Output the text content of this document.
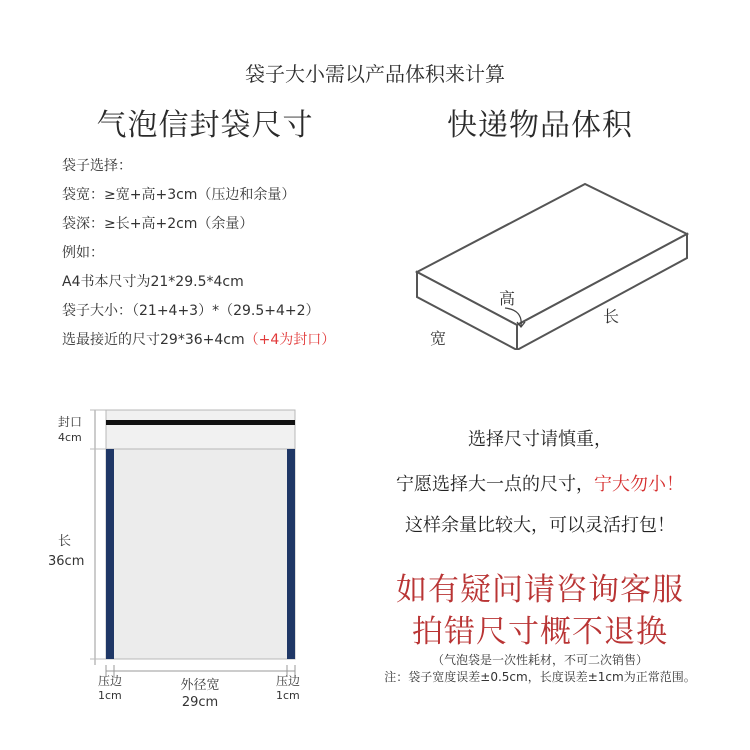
袋子大小需以产品体积来计算
气泡信封袋尺寸	快递物品体积
袋子选择：
袋宽：≥宽+高+3cm（压边和余量）
袋深：≥长+高+2cm（余量）
例如：
A4书本尺寸为21*29.5*4cm
袋子大小：（21+4+3）*（29.5+4+2）
选最接近的尺寸29*36+4cm（+4为封口）
高
长
宽
封口
4cm
长
36cm
压边
1cm
外径宽
29cm
压边
1cm
选择尺寸请慎重，
宁愿选择大一点的尺寸，宁大勿小！
这样余量比较大，可以灵活打包！
如有疑问请咨询客服
拍错尺寸概不退换
（气泡袋是一次性耗材，不可二次销售）
注：袋子宽度误差±0.5cm，长度误差±1cm为正常范围。
